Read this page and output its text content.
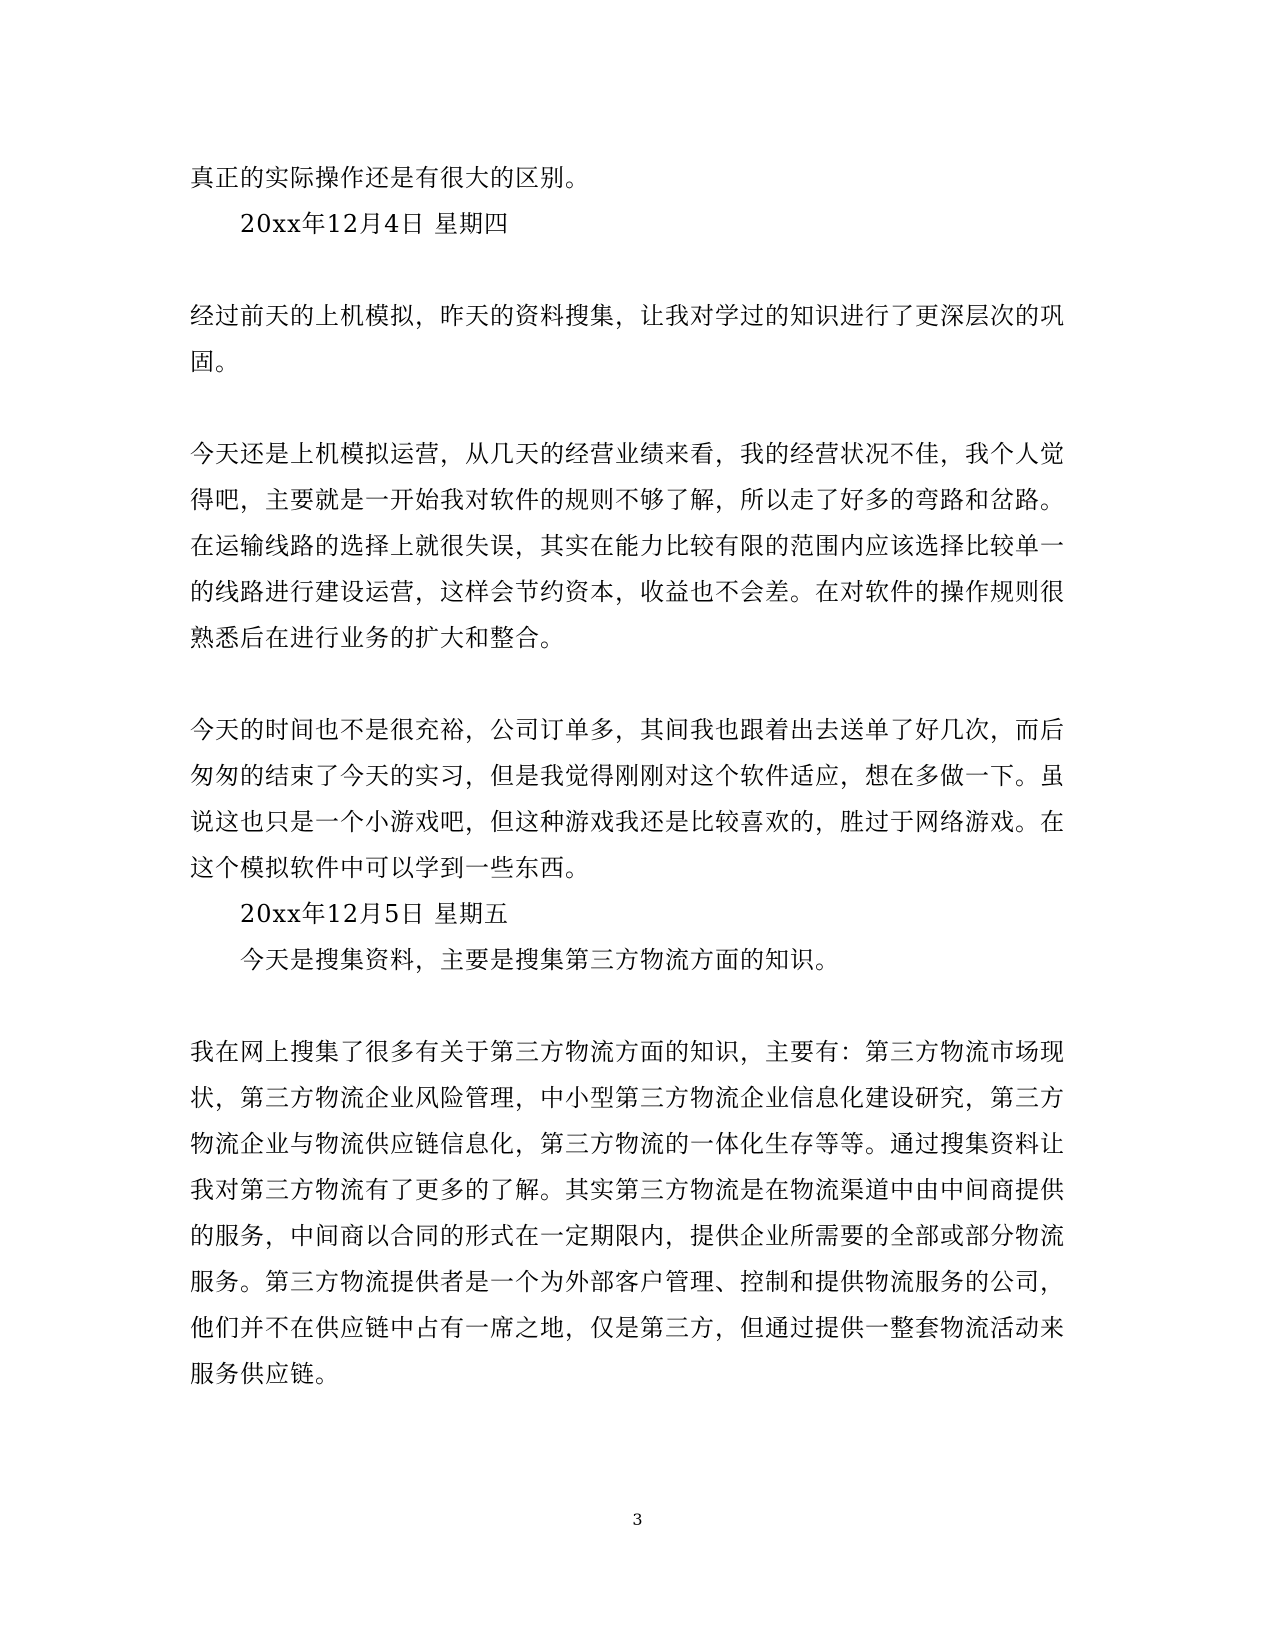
真正的实际操作还是有很大的区别。
20xx年12月4日 星期四
经过前天的上机模拟，昨天的资料搜集，让我对学过的知识进行了更深层次的巩
固。
今天还是上机模拟运营，从几天的经营业绩来看，我的经营状况不佳，我个人觉
得吧，主要就是一开始我对软件的规则不够了解，所以走了好多的弯路和岔路。
在运输线路的选择上就很失误，其实在能力比较有限的范围内应该选择比较单一
的线路进行建设运营，这样会节约资本，收益也不会差。在对软件的操作规则很
熟悉后在进行业务的扩大和整合。
今天的时间也不是很充裕，公司订单多，其间我也跟着出去送单了好几次，而后
匆匆的结束了今天的实习，但是我觉得刚刚对这个软件适应，想在多做一下。虽
说这也只是一个小游戏吧，但这种游戏我还是比较喜欢的，胜过于网络游戏。在
这个模拟软件中可以学到一些东西。
20xx年12月5日 星期五
今天是搜集资料，主要是搜集第三方物流方面的知识。
我在网上搜集了很多有关于第三方物流方面的知识，主要有：第三方物流市场现
状，第三方物流企业风险管理，中小型第三方物流企业信息化建设研究，第三方
物流企业与物流供应链信息化，第三方物流的一体化生存等等。通过搜集资料让
我对第三方物流有了更多的了解。其实第三方物流是在物流渠道中由中间商提供
的服务，中间商以合同的形式在一定期限内，提供企业所需要的全部或部分物流
服务。第三方物流提供者是一个为外部客户管理、控制和提供物流服务的公司，
他们并不在供应链中占有一席之地，仅是第三方，但通过提供一整套物流活动来
服务供应链。
3
